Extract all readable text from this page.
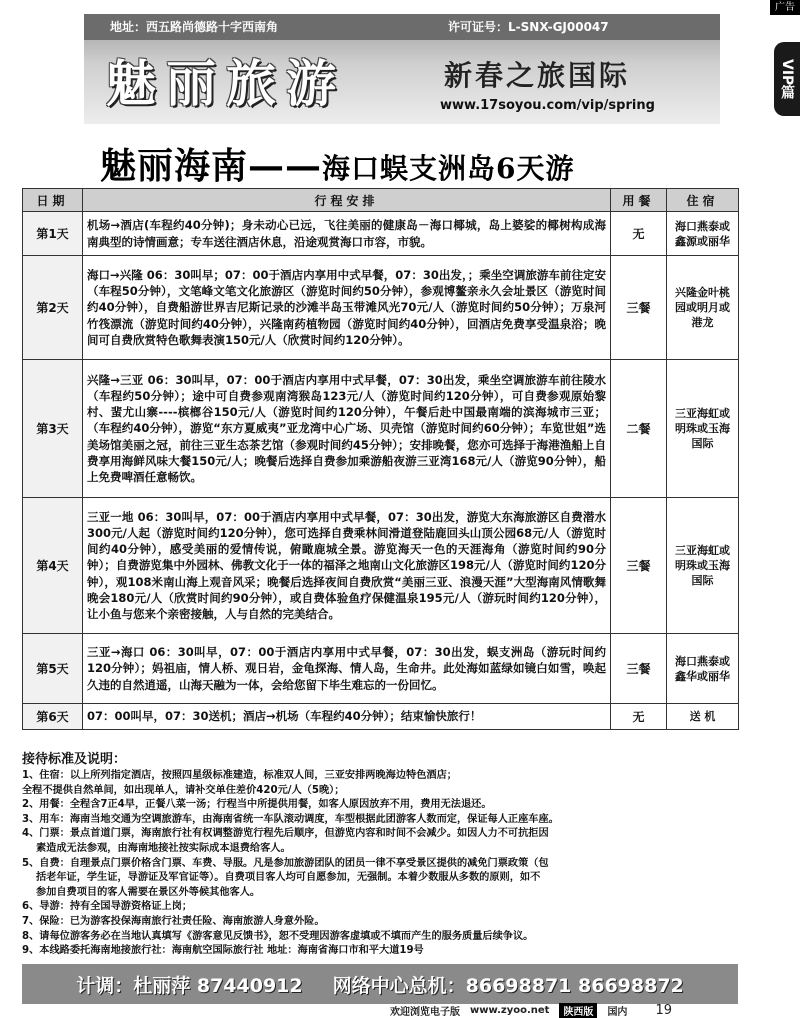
广告
VIP篇
地址：西五路尚德路十字西南角	许可证号：L-SNX-GJ00047
魅丽旅游	新春之旅国际
www.17soyou.com/vip/spring
魅丽海南——海口蜈支洲岛6天游
日期	行程安排	用餐	住宿
第1天	机场→酒店(车程约40分钟)；身未动心已远，飞往美丽的健康岛－海口椰城，岛上婆娑的椰树构成海南典型的诗情画意；专车送往酒店休息，沿途观赏海口市容，市貌。	无	海口燕泰或鑫源或丽华
第2天	海口→兴隆 06：30叫早；07：00于酒店内享用中式早餐，07：30出发，；乘坐空调旅游车前往定安（车程50分钟），文笔峰文笔文化旅游区（游览时间约50分钟），参观博鳌亲永久会址景区（游览时间约40分钟），自费船游世界吉尼斯记录的沙滩半岛玉带滩风光70元/人（游览时间约50分钟）；万泉河竹筏漂流（游览时间约40分钟），兴隆南药植物园（游览时间约40分钟），回酒店免费享受温泉浴；晚间可自费欣赏特色歌舞表演150元/人（欣赏时间约120分钟）。	三餐	兴隆金叶桃园或明月或港龙
第3天	兴隆→三亚 06：30叫早，07：00于酒店内享用中式早餐，07：30出发，乘坐空调旅游车前往陵水（车程约50分钟）；途中可自费参观南湾猴岛123元/人（游览时间约120分钟），可自费参观原始黎村、蜚尤山寨----槟榔谷150元/人（游览时间约120分钟），午餐后赴中国最南端的滨海城市三亚；（车程约40分钟），游览“东方夏威夷”亚龙湾中心广场、贝壳馆（游览时间约60分钟）；车览世姐”选美场馆美丽之冠，前往三亚生态茶艺馆（参观时间约45分钟）；安排晚餐，您亦可选择于海港渔船上自费享用海鲜风味大餐150元/人；晚餐后选择自费参加乘游船夜游三亚湾168元/人（游览90分钟），船上免费啤酒任意畅饮。	二餐	三亚海虹或明珠或玉海国际
第4天	三亚一地 06：30叫早，07：00于酒店内享用中式早餐，07：30出发，游览大东海旅游区自费潜水300元/人起（游览时间约120分钟），您可选择自费乘林间滑道登陆鹿回头山顶公园68元/人（游览时间约40分钟），感受美丽的爱情传说，俯瞰鹿城全景。游览海天一色的天涯海角（游览时间约90分钟）；自费游览集中外园林、佛教文化于一体的福泽之地南山文化旅游区198元/人（游览时间约120分钟），观108米南山海上观音风采；晚餐后选择夜间自费欣赏“美丽三亚、浪漫天涯”大型海南风情歌舞晚会180元/人（欣赏时间约90分钟），或自费体验鱼疗保健温泉195元/人（游玩时间约120分钟），让小鱼与您来个亲密接触，人与自然的完美结合。	三餐	三亚海虹或明珠或玉海国际
第5天	三亚→海口 06：30叫早，07：00于酒店内享用中式早餐，07：30出发，蜈支洲岛（游玩时间约120分钟）；妈祖庙，情人桥、观日岩，金龟探海、情人岛，生命井。此处海如蓝绿如镜白如雪，唤起久违的自然逍遥，山海天融为一体，会给您留下毕生难忘的一份回忆。	三餐	海口燕泰或鑫华或丽华
第6天	07：00叫早，07：30送机；酒店→机场（车程约40分钟）；结束愉快旅行！	无	送 机
接待标准及说明：
1、住宿：以上所列指定酒店，按照四星级标准建造，标准双人间，三亚安排两晚海边特色酒店；
全程不提供自然单间，如出现单人，请补交单住差价420元/人（5晚）；
2、用餐：全程含7正4早，正餐八菜一汤；行程当中所提供用餐，如客人原因放弃不用，费用无法退还。
3、用车：海南当地交通为空调旅游车，由海南省统一车队滚动调度，车型根据此团游客人数而定，保证每人正座车座。
4、门票：景点首道门票，海南旅行社有权调整游览行程先后顺序，但游览内容和时间不会减少。如因人力不可抗拒因
素造成无法参观，由海南地接社按实际成本退费给客人。
5、自费：自理景点门票价格含门票、车费、导服。凡是参加旅游团队的团员一律不享受景区提供的减免门票政策（包
括老年证，学生证，导游证及军官证等）。自费项目客人均可自愿参加，无强制。本着少数服从多数的原则，如不
参加自费项目的客人需要在景区外等候其他客人。
6、导游：持有全国导游资格证上岗；
7、保险：已为游客投保海南旅行社责任险、海南旅游人身意外险。
8、请每位游客务必在当地认真填写《游客意见反馈书》，恕不受理因游客虚填或不填而产生的服务质量后续争议。
9、本线路委托海南地接旅行社：海南航空国际旅行社 地址：海南省海口市和平大道19号
计调：杜丽萍 87440912 网络中心总机：86698871 86698872
欢迎浏览电子版 www.zyoo.net	陕西版	国内 19
